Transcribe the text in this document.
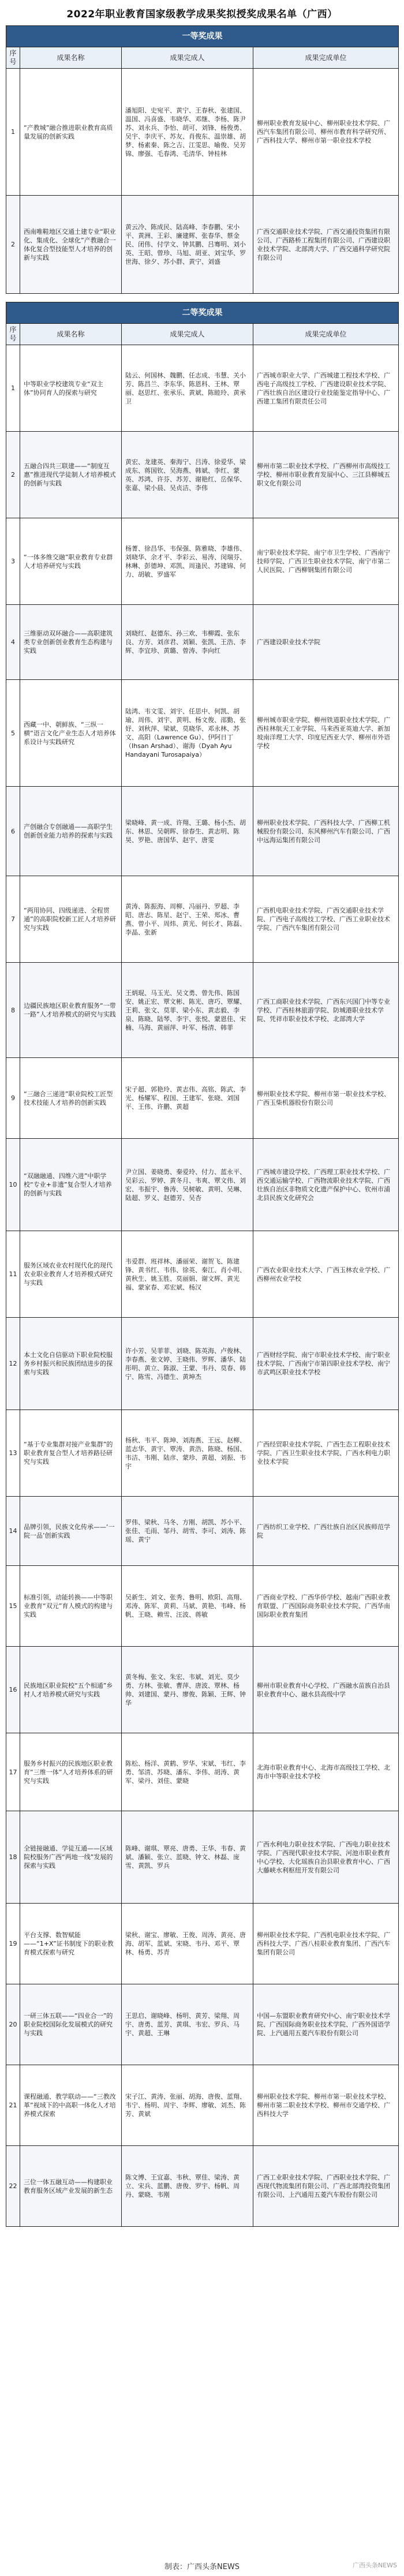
2022年职业教育国家级教学成果奖拟授奖成果名单（广西）
一等奖成果			
序号	成果名称	成果完成人	成果完成单位
1	“产教城”融合推进职业教育高质量发展的创新实践	潘旭阳、史宛平、黄宁、王春秋、张建国、温国、冯喜盛、韦晓华、邓继、李杨、陈尹苏、刘永兵、李怡、胡可、刘锋、杨俊勇、吴宇、李庆平、苏友、肖俊东、温崇雄、胡梦、杨素秦、陈之吉、江雯思、喻俊、吴芳锦、廖强、毛春鸿、毛清华、钟桂林	柳州职业教育发展中心、柳州职业技术学院、广西汽车集团有限公司、柳州市教育科学研究所、广西科技大学、柳州市第一职业技术学校
2	西南唯鞋地区交通土建专业“职业化、集成化、全球化”产教融合一体化复合型技能型人才培养的创新与实践	黄云冷、陈成民、陆高峰、李春鹏、宋小平、黄洲、王彩、廉建辉、张春华、蔡金民、闭伟、付学文、钟其鹏、吕骞明、刘小英、王昭、曾珍、马旭、胡亚、刘宝华、罗世海、徐夕、苏小群、黄宁、刘盛	广西交通职业技术学院、广西交通投资集团有限公司、广西路桥工程集团有限公司、广西建设职业技术学院、北部湾大学、广西交通科学研究院有限公司
二等奖成果			
序号	成果名称	成果完成人	成果完成单位
1	中等职业学校建筑专业“双主体”协同育人的探索与研究	陆云、何国林、魏鹏、任志成、韦慧、关小芳、陈昌兰、李东华、陈恩科、王林、覃丽、赵思红、张承乐、黄斌、陈睦玲、黄承卫	广西城市职业大学、广西城建工程技术学校、广西电子高级技工学校、广西建设职业技术学院、广西壮族自治区建设行业技能鉴定指导中心、广西建工集团有限责任公司
2	五融合四共三联建——“制度互惠”推进现代学徒制人才培养模式的创新与实践	黄宏、龙建英、秦海宁、吕涛、徐爱华、梁成东、蒋国钦、吴海燕、韩斌、李红、蒙英、苏鸿、许芬、苏芳、谢艳红、岳保华、张嘉、梁小晨、吴贞洁、李伟	柳州市第二职业技术学校、广西柳州市高级技工学校、柳州市职业教育发展中心、三江县柳城五职文化有限公司
3	“一体多维交融”职业教育专业群人才培养研究与实践	杨菁、徐昌华、韦保强、陈雅晓、李雄伟、刘晓华、余才平、李彩云、易涛、闵瑞芬、林琳、彭德坤、邓凯、周逢民、苏建锦、何力、胡敏、罗盛军	南宁职业技术学院、南宁市卫生学校、广西南宁技师学院、广西卫生职业技术学院、南宁市第二人民医院、广西柳钢集团有限公司
4	三维驱动双环融合——高职建筑类专业创新创业教育生态构建与实践	刘晓红、赵德东、孙三欢、韦柳霞、张东良、方芳、刘彦君、刘颖、张凯、王浩、李辉、李宜珍、黄璐、曾涛、李向红	广西建设职业技术学院
5	西藏一中、朝鲜族、“三纵一横”语言文化产业生态人才培养体系设计与实践研究	陆鸿、韦文雯、刘宇、任思中、何凯、胡瑜、周伟、刘宇、黄明、杨文俊、邵勤、张妤、刘秋萍、梁斌、莫晓华、邓永林、苏文、高阳（Lawrence Gu）、伊阿日丁（Ihsan Arshad）、谢海（Dyah Ayu Handayani Turosapaiya）	柳州城市职业学院、柳州铁道职业技术学院、广西桂林航天工业学院、马来西亚英迪大学、新加坡南洋理工大学、印度尼西亚大学、柳州市外语学校
6	产创融合专创融通——高职学生创新创业能力培养的探索与实践	梁晓峰、黄一成、许翔、王璐、杨小杰、胡东、林思、吴朝晖、徐春生、黄志明、陈昊、罗艳、唐国华、赵宇、唐雯	柳州职业技术学院、广西科技大学、广西柳工机械股份有限公司、东风柳州汽车有限公司、广西中远海运集团有限公司
7	“两用协同、四级递进、全程贯通”的高职院校新工匠人才培养研究与实践	黄涛、陈振海、周柳、冯丽丹、罗超、李昭、唐志、陈星、赵宁、王荣、郑冰、曹燕、曾小平、周炜、黄光、何长才、陈磊、李晶、张新	广西机电职业技术学院、广西交通职业技术学院、广西电子高级技工学校、广西工业职业技术学院、广西汽车集团有限公司
8	边疆民族地区职业教育服务“一带一路”人才培养模式的研究与实践	王炳琨、马玉光、吴文勇、曾先伟、陈国安、姚正宏、覃文彬、陈光、唐巧、覃耀、王莉、张文、莫菲、梁小东、黄志毅、李泉、陈晓、陆琴、李宇、张悦、蒙恩佳、宋楠、马海、黄丽萍、叶军、杨清、韩菲	广西工商职业技术学院、广西东兴国门中等专业学校、广西桂林旅游学院、防城港职业技术学院、凭祥市职业技术学校、北部湾大学
9	“三融合三递进”职业院校工匠型技术技能人才培养的创新实践	宋子超、郭艳玲、黄志伟、高铭、陈武、李光、杨耀军、程国、王建军、张晓、刘国平、王伟、许鹏、黄超	柳州职业技术学院、柳州市第一职业技术学校、广西玉柴机器股份有限公司
10	“双融融通、四维六进”中职学校“专业+非遗”复合型人才培养的创新与实践	尹立国、姜晓勇、秦爱玲、付力、蓝永平、吴彩云、罗婷、黄冬月、韦爽、覃文伟、刘宏、韦振宇、鲁涛、吴树敏、黄明、吴琳、陆超、罗义、赵德芳、吴杏	广西城市建设学校、广西理工职业技术学校、广西交通运输学校、广西物流职业技术学院、广西壮族自治区非物质文化遗产保护中心、钦州市浦北县民族文化研究会
11	服务区域农业农村现代化的现代农业职业教育人才培养模式研究与实践	韦爱群、班祥林、潘丽荣、谢贺飞、陈建锋、黄书红、韦伟、徐英、秦江、肖小明、黄秋生、姚玉胜、莫丽娟、谢文辉、黄光福、蒙家春、邓宏斌、杨汉	广西农业职业技术大学、广西玉林农业学校、广西柳州农业学校
12	本土文化自信驱动下职业院校服务乡村振兴和民族团结进步的探索与实践	许小芳、吴菲菲、刘晓、陈英海、卢俊林、李春燕、张文婷、王晓伟、罗辉、潘华、陆彤明、黄立、陈淑、王蒙、韦丹、莫春、韩宁、陈雪、冯德生、黄坤杰	广西财经学院、南宁市职业技术学校、南宁职业技术学院、广西南宁市第四职业技术学校、南宁市武鸣区职业技术学校
13	“基于专业集群对接产业集群”的职业教育复合型人才培养路径研究与实践	杨秋、韦平、陈坤、刘海燕、王远、赵柳、蓝志华、黄宇、覃涛、黄浩、陈晓、杨国、韦洁、韦刚、陆彦、蒙珍、黄超、刘振、韦宇	广西经贸职业技术学院、广西生态工程职业技术学院、广西卫生职业技术学院、广西水利电力职业技术学院
14	品牌引领，民族文化传承——‘一院一品’创新实践	罗伟、梁秋、马冬、方刚、胡凯、苏小平、张佳、毛雨、邹丹、胡雪、李可、刘涛、陈瑶、黄宁	广西纺织工业学校、广西壮族自治区民族师范学院
15	标准引领，动能转换——中等职业教育“双元”育人模式的构建与实践	吴新生、刘文、张秀、鲁明、欧阳、高翔、邓涛、陈军、黄莉、马斌、黄艳、韦峰、杨帆、王晓、赖雪、汪波、蒋敏	广西商业学校、广西华侨学校、越南广西职业教育联盟、广西国际商务职业技术学院、广西华南国际职业教育集团
16	民族地区职业院校“五个相通”乡村人才培养模式研究与实践	黄冬梅、张文、朱宏、韦斌、刘光、莫少勇、方林、张敏、曹萍、唐波、覃林、杨帅、刘建国、蒙丹、廖俊、陈颖、王辉、钟华	柳州市职业教育中心学校、广西融水苗族自治县职业教育中心、融水县高级中学
17	服务乡村振兴的民族地区职业教育“三维一体”人才培养体系的研究与实践	陈松、杨洋、黄鹤、罗华、宋斌、韦红、李勇、邹清、苏晓、潘东、李伟、胡涛、黄军、梁丹、刘佳、蒙晓	北海市职业教育中心、北海市高级技工学校、北海市中等职业技术学校
18	全链接融通、学徒互通——区域院校服务广西“两地一线”发展的探索与实践	陈峰、谢琪、覃亮、唐勇、王华、韦春、黄斌、潘颖、张立、蓝晓、钟文、林磊、庞雪、黄凯、罗兵	广西水利电力职业技术学院、广西电力职业技术学院、广西现代职业技术学院、河池市职业教育中心学校、大化瑶族自治县职业教育中心、广西大藤峡水利枢纽开发有限公司
19	平台支撑、数智赋能——“1+X”证书制度下的职业教育模式探索与研究	梁秋、谢宝、廖敏、王俊、周涛、黄亮、唐海、胡军、蓝斌、宋晓、韦丹、邓平、覃林、杨勇、苏青	柳州职业技术学院、广西机电职业技术学院、广西科技大学、广西八桂职业教育集团、广西汽车集团有限公司
20	一研三体五联——“四业合一”的职业院校国际化发展模式的研究与实践	王思启、谢晓峰、杨明、黄芳、梁翔、周宇、唐勇、蓝芳、黄琪、韦宏、罗兵、马宇、黄超、王琳	中国—东盟职业教育研究中心、南宁职业技术学院、广西国际商务职业技术学院、广西外国语学院、上汽通用五菱汽车股份有限公司
21	课程融通、教学联动——“三教改革”视域下的中高职一体化人才培养模式探索	宋子江、黄涛、张丽、胡海、唐俊、蓝翔、韦宁、杨明、周宇、李辉、廖敏、刘杰、陈芳、黄斌	柳州职业技术学院、柳州市第一职业技术学校、柳州市第二职业技术学校、柳州市交通学校、广西科技大学
22	三位一体五融互动——构建职业教育服务区域产业发展的新生态	陈文博、王宜嘉、韦秋、覃佳、梁涛、黄立、宋兵、蓝鹏、唐俊、罗宇、杨帆、周丹、蒙晓、韦刚	广西工业职业技术学院、广西职业技术学院、广西现代物流集团有限公司、广西北部湾投资集团有限公司、上汽通用五菱汽车股份有限公司
制表：广西头条NEWS	广西头条NEWS
